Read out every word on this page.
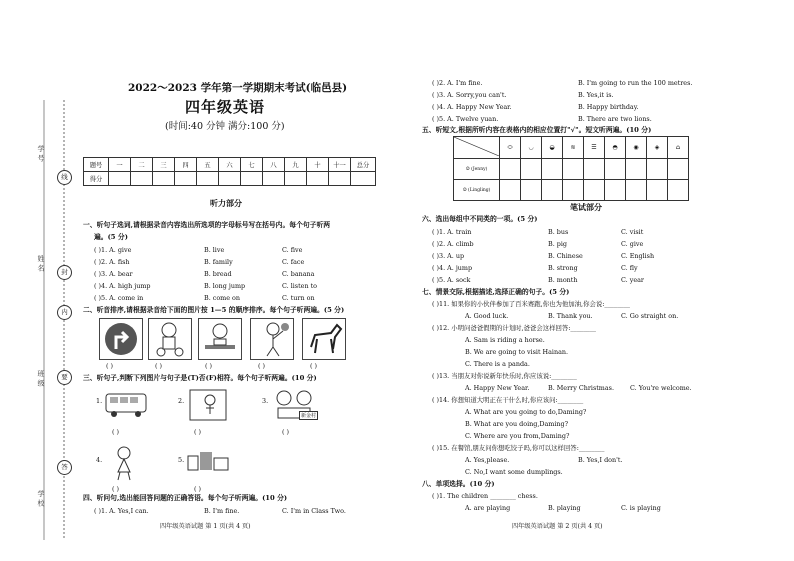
学 号
姓 名
班 级
学 校
线
封
内
要
答
2022～2023 学年第一学期期末考试(临邑县)
四年级英语
(时间:40 分钟 满分:100 分)
题号	一	二	三	四	五	六	七	八	九	十	十一	总分
得分												
听力部分
一、听句子选词,请根据录音内容选出所选项的字母标号写在括号内。每个句子听两
遍。(5 分)
( )1. A. give	B. live	C. five
( )2. A. fish	B. family	C. face
( )3. A. bear	B. bread	C. banana
( )4. A. high jump	B. long jump	C. listen to
( )5. A. come in	B. come on	C. turn on
二、听音排序,请根据录音给下面的图片按 1—5 的顺序排序。每个句子听两遍。(5 分)
( )	( )	( )	( )	( )
三、听句子,判断下列图片与句子是(T)否(F)相符。每个句子听两遍。(10 分)
1.	2.	3.
新金村
( )	( )	( )
4.	5.
( )	( )
四、听问句,选出能回答问题的正确答语。每个句子听两遍。(10 分)
( )1. A. Yes,I can.	B. I'm fine.	C. I'm in Class Two.
四年级英语试题 第 1 页(共 4 页)
( )2. A. I'm fine.	B. I'm going to run the 100 metres.
( )3. A. Sorry,you can't.	B. Yes,it is.
( )4. A. Happy New Year.	B. Happy birthday.
( )5. A. Twelve yuan.	B. There are two lions.
五、听短文,根据所听内容在表格内的相应位置打"√"。短文听两遍。(10 分)
	⬭	◡	◒	≋	☰	◓	◉	◈	⌂
☺ (Jenny)									
☺ (Lingling)									
笔试部分
六、选出每组中不同类的一项。(5 分)
( )1. A. train	B. bus	C. visit
( )2. A. climb	B. pig	C. give
( )3. A. up	B. Chinese	C. English
( )4. A. jump	B. strong	C. fly
( )5. A. sock	B. month	C. year
七、情景交际,根据描述,选择正确的句子。(5 分)
( )11. 如果你的小伙伴参加了百米赛跑,你也为他加油,你会说:________
A. Good luck.	B. Thank you.	C. Go straight on.
( )12. 小明问爸爸假期的计划时,爸爸会这样回答:________
A. Sam is riding a horse.
B. We are going to visit Hainan.
C. There is a panda.
( )13. 当朋友对你说新年快乐时,你应该说:________
A. Happy New Year.	B. Merry Christmas.	C. You're welcome.
( )14. 你想知道大明正在干什么时,你应该问:________
A. What are you going to do,Daming?
B. What are you doing,Daming?
C. Where are you from,Daming?
( )15. 在餐馆,朋友问你想吃饺子吗,你可以这样回答:________
A. Yes,please.	B. Yes,I don't.
C. No,I want some dumplings.
八、单项选择。(10 分)
( )1. The children ________ chess.
A. are playing	B. playing	C. is playing
四年级英语试题 第 2 页(共 4 页)
